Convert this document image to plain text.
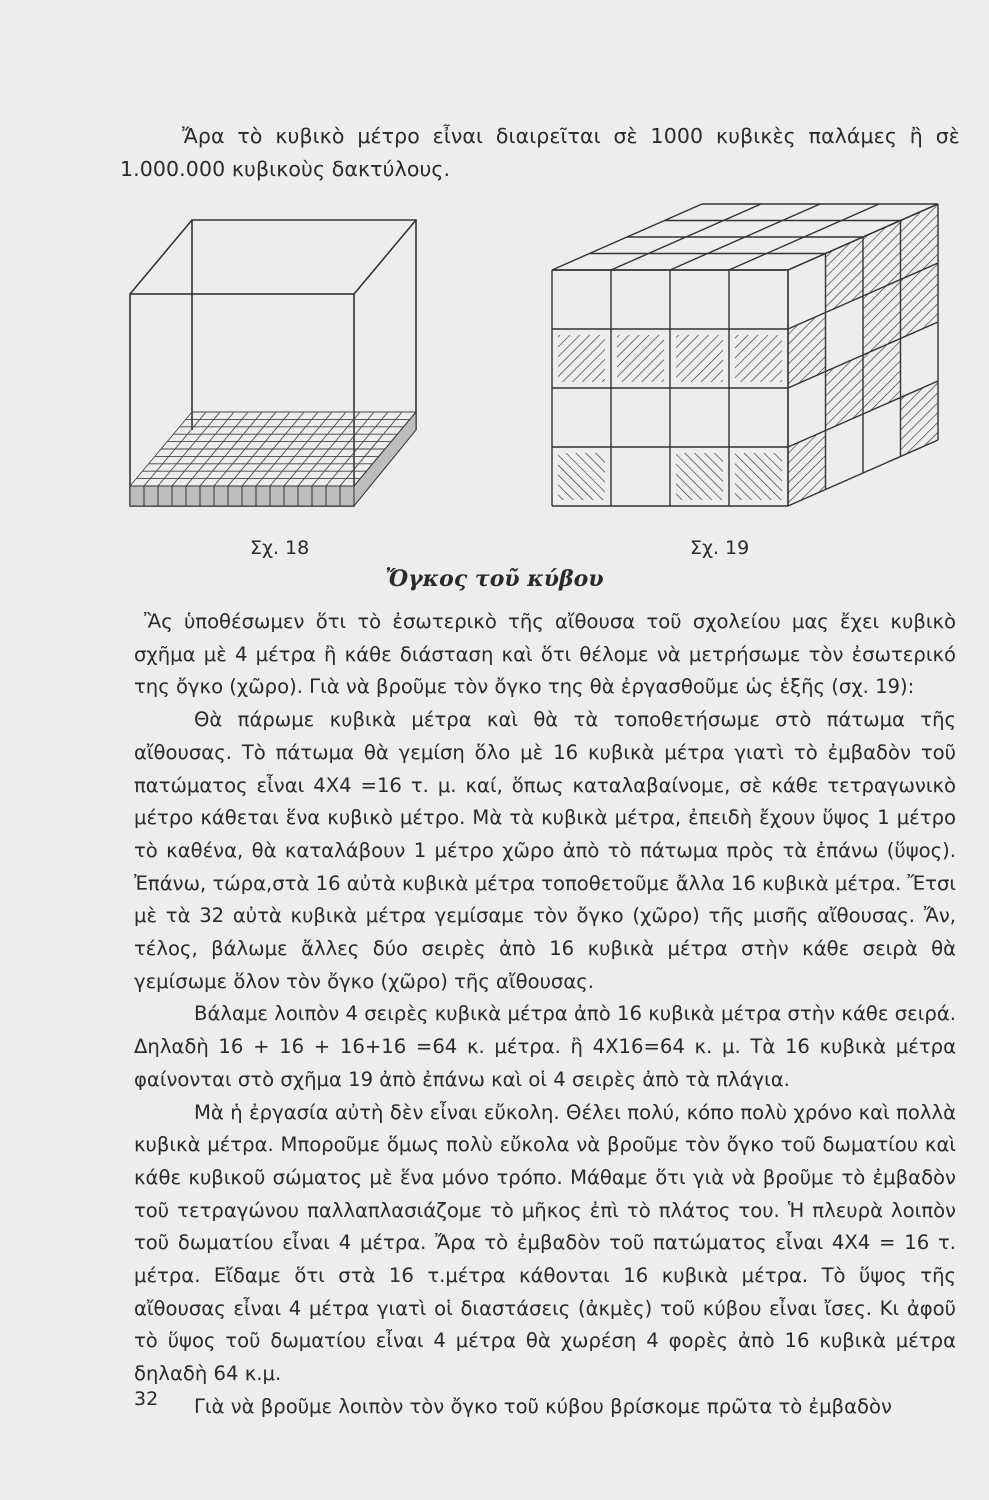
Ἄρα τὸ κυβικὸ μέτρο εἶναι διαιρεῖται σὲ 1000 κυβικὲς παλάμες ἢ σὲ 1.000.000 κυβικοὺς δακτύλους.

Σχ. 18	Σχ. 19
Ὄγκος τοῦ κύβου

Ἂς ὑποθέσωμεν ὅτι τὸ ἐσωτερικὸ τῆς αἴθουσα τοῦ σχολείου μας ἔχει κυβικὸ σχῆμα μὲ 4 μέτρα ἢ κάθε διάσταση καὶ ὅτι θέλομε νὰ μετρήσωμε τὸν ἐσωτερικό της ὄγκο (χῶρο). Γιὰ νὰ βροῦμε τὸν ὄγκο της θὰ ἐργασθοῦμε ὡς ἑξῆς (σχ. 19):

Θὰ πάρωμε κυβικὰ μέτρα καὶ θὰ τὰ τοποθετήσωμε στὸ πάτωμα τῆς αἴθουσας. Τὸ πάτωμα θὰ γεμίση ὅλο μὲ 16 κυβικὰ μέτρα γιατὶ τὸ ἐμβαδὸν τοῦ πατώματος εἶναι 4Χ4 =16 τ. μ. καί, ὅπως καταλαβαίνομε, σὲ κάθε τετραγωνικὸ μέτρο κάθεται ἕνα κυβικὸ μέτρο. Μὰ τὰ κυβικὰ μέτρα, ἐπειδὴ ἔχουν ὕψος 1 μέτρο τὸ καθένα, θὰ καταλάβουν 1 μέτρο χῶρο ἀπὸ τὸ πάτωμα πρὸς τὰ ἐπάνω (ὕψος). Ἐπάνω, τώρα,στὰ 16 αὐτὰ κυβικὰ μέτρα τοποθετοῦμε ἄλλα 16 κυβικὰ μέτρα. Ἔτσι μὲ τὰ 32 αὐτὰ κυβικὰ μέτρα γεμίσαμε τὸν ὄγκο (χῶρο) τῆς μισῆς αἴθουσας. Ἄν, τέλος, βάλωμε ἄλλες δύο σειρὲς ἀπὸ 16 κυβικὰ μέτρα στὴν κάθε σειρὰ θὰ γεμίσωμε ὅλον τὸν ὄγκο (χῶρο) τῆς αἴθουσας.

Βάλαμε λοιπὸν 4 σειρὲς κυβικὰ μέτρα ἀπὸ 16 κυβικὰ μέτρα στὴν κάθε σειρά. Δηλαδὴ 16 + 16 + 16+16 =64 κ. μέτρα. ἢ 4Χ16=64 κ. μ. Τὰ 16 κυβικὰ μέτρα φαίνονται στὸ σχῆμα 19 ἀπὸ ἐπάνω καὶ οἱ 4 σειρὲς ἀπὸ τὰ πλάγια.

Μὰ ἡ ἐργασία αὐτὴ δὲν εἶναι εὔκολη. Θέλει πολύ, κόπο πολὺ χρόνο καὶ πολλὰ κυβικὰ μέτρα. Μποροῦμε ὅμως πολὺ εὔκολα νὰ βροῦμε τὸν ὄγκο τοῦ δωματίου καὶ κάθε κυβικοῦ σώματος μὲ ἕνα μόνο τρόπο. Μάθαμε ὅτι γιὰ νὰ βροῦμε τὸ ἐμβαδὸν τοῦ τετραγώνου παλλαπλασιάζομε τὸ μῆκος ἐπὶ τὸ πλάτος του. Ἡ πλευρὰ λοιπὸν τοῦ δωματίου εἶναι 4 μέτρα. Ἄρα τὸ ἐμβαδὸν τοῦ πατώματος εἶναι 4Χ4 = 16 τ. μέτρα. Εἴδαμε ὅτι στὰ 16 τ.μέτρα κάθονται 16 κυβικὰ μέτρα. Τὸ ὕψος τῆς αἴθουσας εἶναι 4 μέτρα γιατὶ οἱ διαστάσεις (ἀκμὲς) τοῦ κύβου εἶναι ἴσες. Κι ἀφοῦ τὸ ὕψος τοῦ δωματίου εἶναι 4 μέτρα θὰ χωρέση 4 φορὲς ἀπὸ 16 κυβικὰ μέτρα δηλαδὴ 64 κ.μ.

Γιὰ νὰ βροῦμε λοιπὸν τὸν ὄγκο τοῦ κύβου βρίσκομε πρῶτα τὸ ἐμβαδὸν

32
